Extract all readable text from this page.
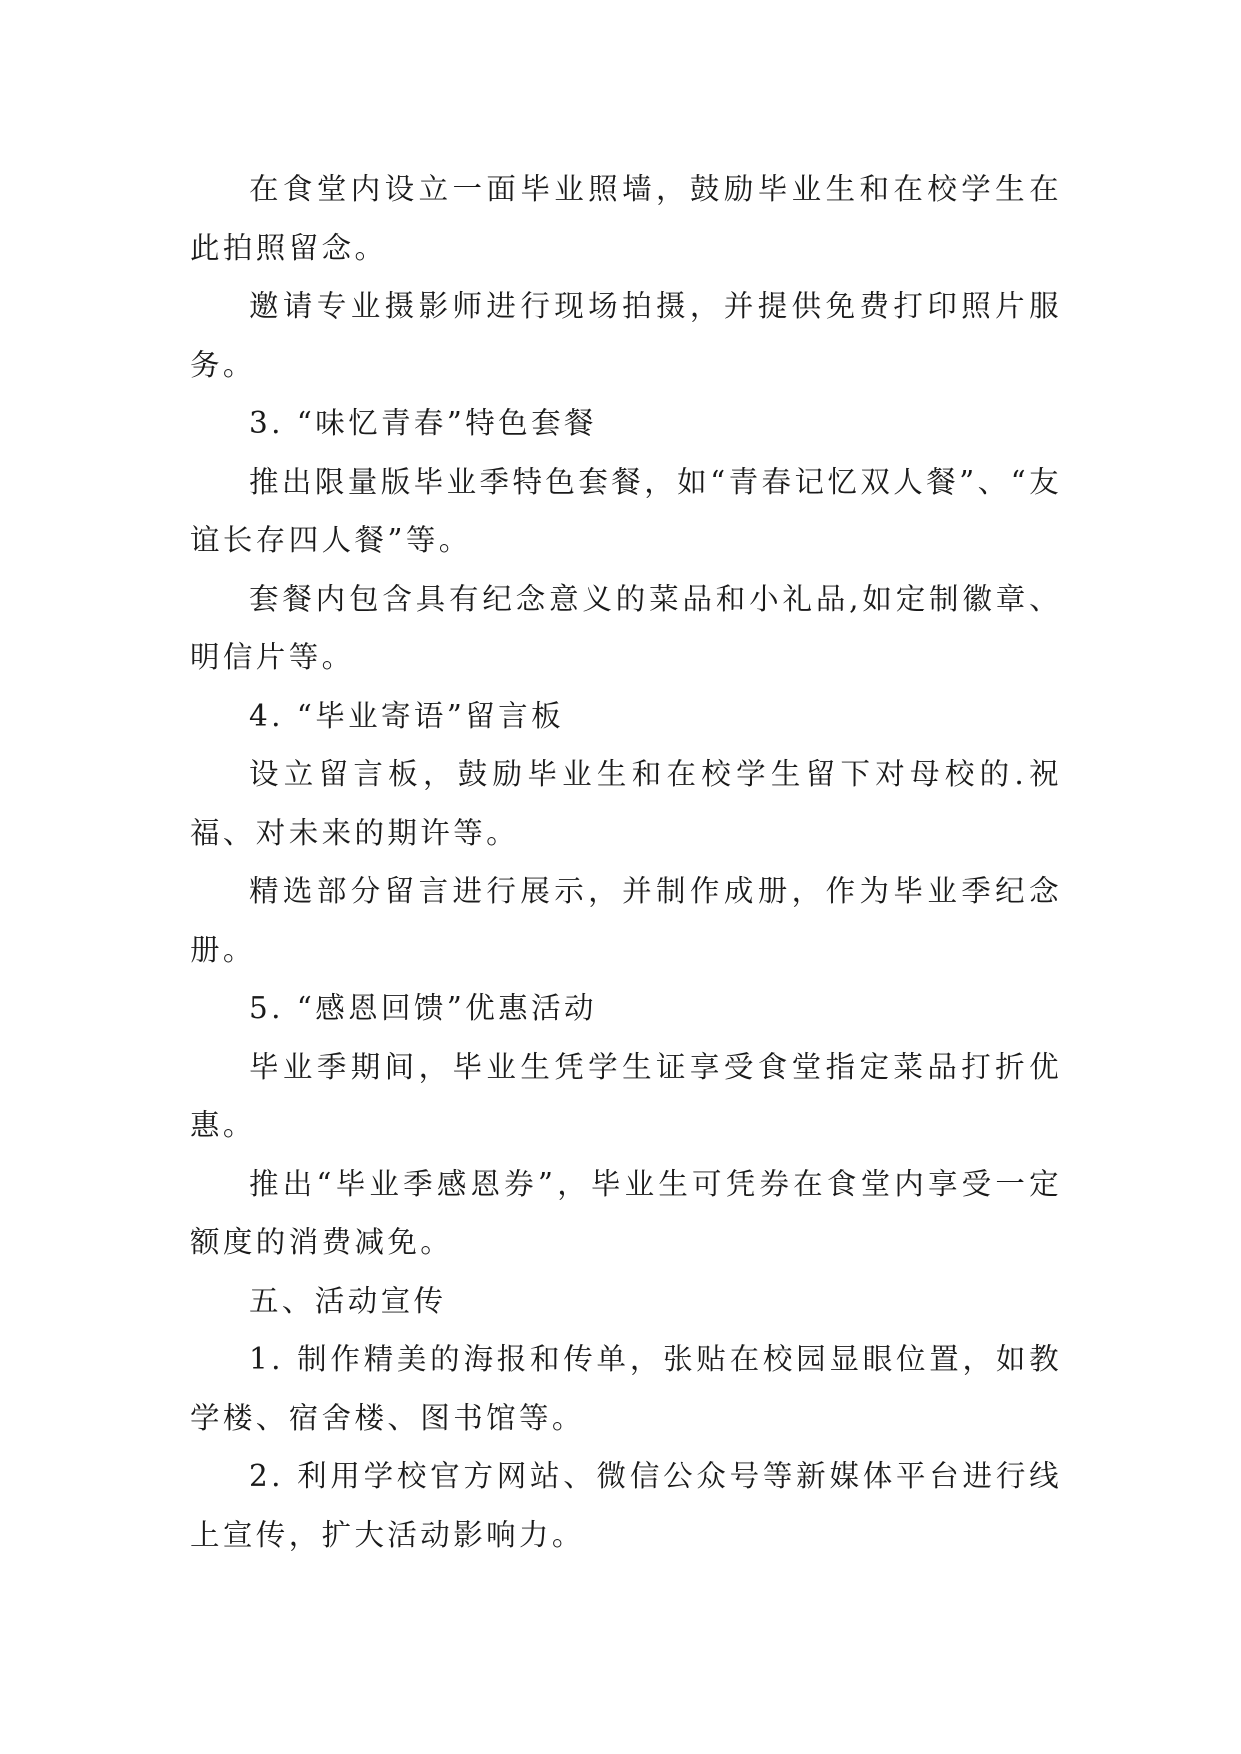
在食堂内设立一面毕业照墙，鼓励毕业生和在校学生在此拍照留念。

邀请专业摄影师进行现场拍摄，并提供免费打印照片服务。

3. “味忆青春”特色套餐

推出限量版毕业季特色套餐，如“青春记忆双人餐”、“友谊长存四人餐”等。

套餐内包含具有纪念意义的菜品和小礼品,如定制徽章、明信片等。

4. “毕业寄语”留言板

设立留言板，鼓励毕业生和在校学生留下对母校的.祝福、对未来的期许等。

精选部分留言进行展示，并制作成册，作为毕业季纪念册。

5. “感恩回馈”优惠活动

毕业季期间，毕业生凭学生证享受食堂指定菜品打折优惠。

推出“毕业季感恩券”，毕业生可凭券在食堂内享受一定额度的消费减免。

五、活动宣传

1. 制作精美的海报和传单，张贴在校园显眼位置，如教学楼、宿舍楼、图书馆等。

2. 利用学校官方网站、微信公众号等新媒体平台进行线上宣传，扩大活动影响力。
